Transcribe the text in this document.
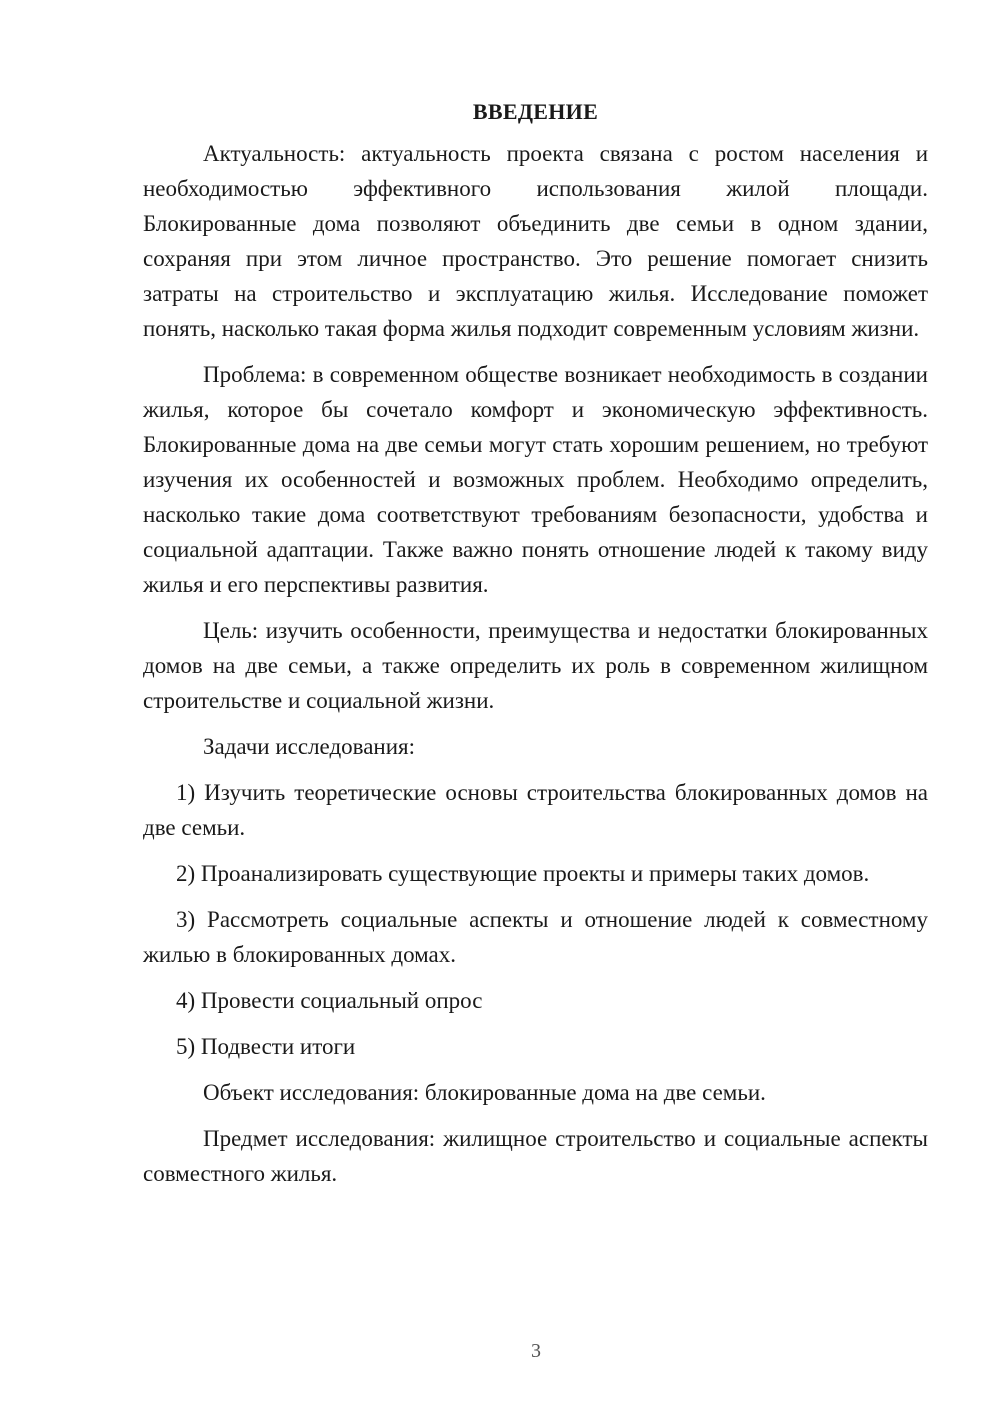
ВВЕДЕНИЕ

Актуальность: актуальность проекта связана с ростом населения и необходимостью эффективного использования жилой площади. Блокированные дома позволяют объединить две семьи в одном здании, сохраняя при этом личное пространство. Это решение помогает снизить затраты на строительство и эксплуатацию жилья. Исследование поможет понять, насколько такая форма жилья подходит современным условиям жизни.

Проблема: в современном обществе возникает необходимость в создании жилья, которое бы сочетало комфорт и экономическую эффективность. Блокированные дома на две семьи могут стать хорошим решением, но требуют изучения их особенностей и возможных проблем. Необходимо определить, насколько такие дома соответствуют требованиям безопасности, удобства и социальной адаптации. Также важно понять отношение людей к такому виду жилья и его перспективы развития.

Цель: изучить особенности, преимущества и недостатки блокированных домов на две семьи, а также определить их роль в современном жилищном строительстве и социальной жизни.

Задачи исследования:

1) Изучить теоретические основы строительства блокированных домов на две семьи.

2) Проанализировать существующие проекты и примеры таких домов.

3) Рассмотреть социальные аспекты и отношение людей к совместному жилью в блокированных домах.

4) Провести социальный опрос

5) Подвести итоги

Объект исследования: блокированные дома на две семьи.

Предмет исследования: жилищное строительство и социальные аспекты совместного жилья.

3
